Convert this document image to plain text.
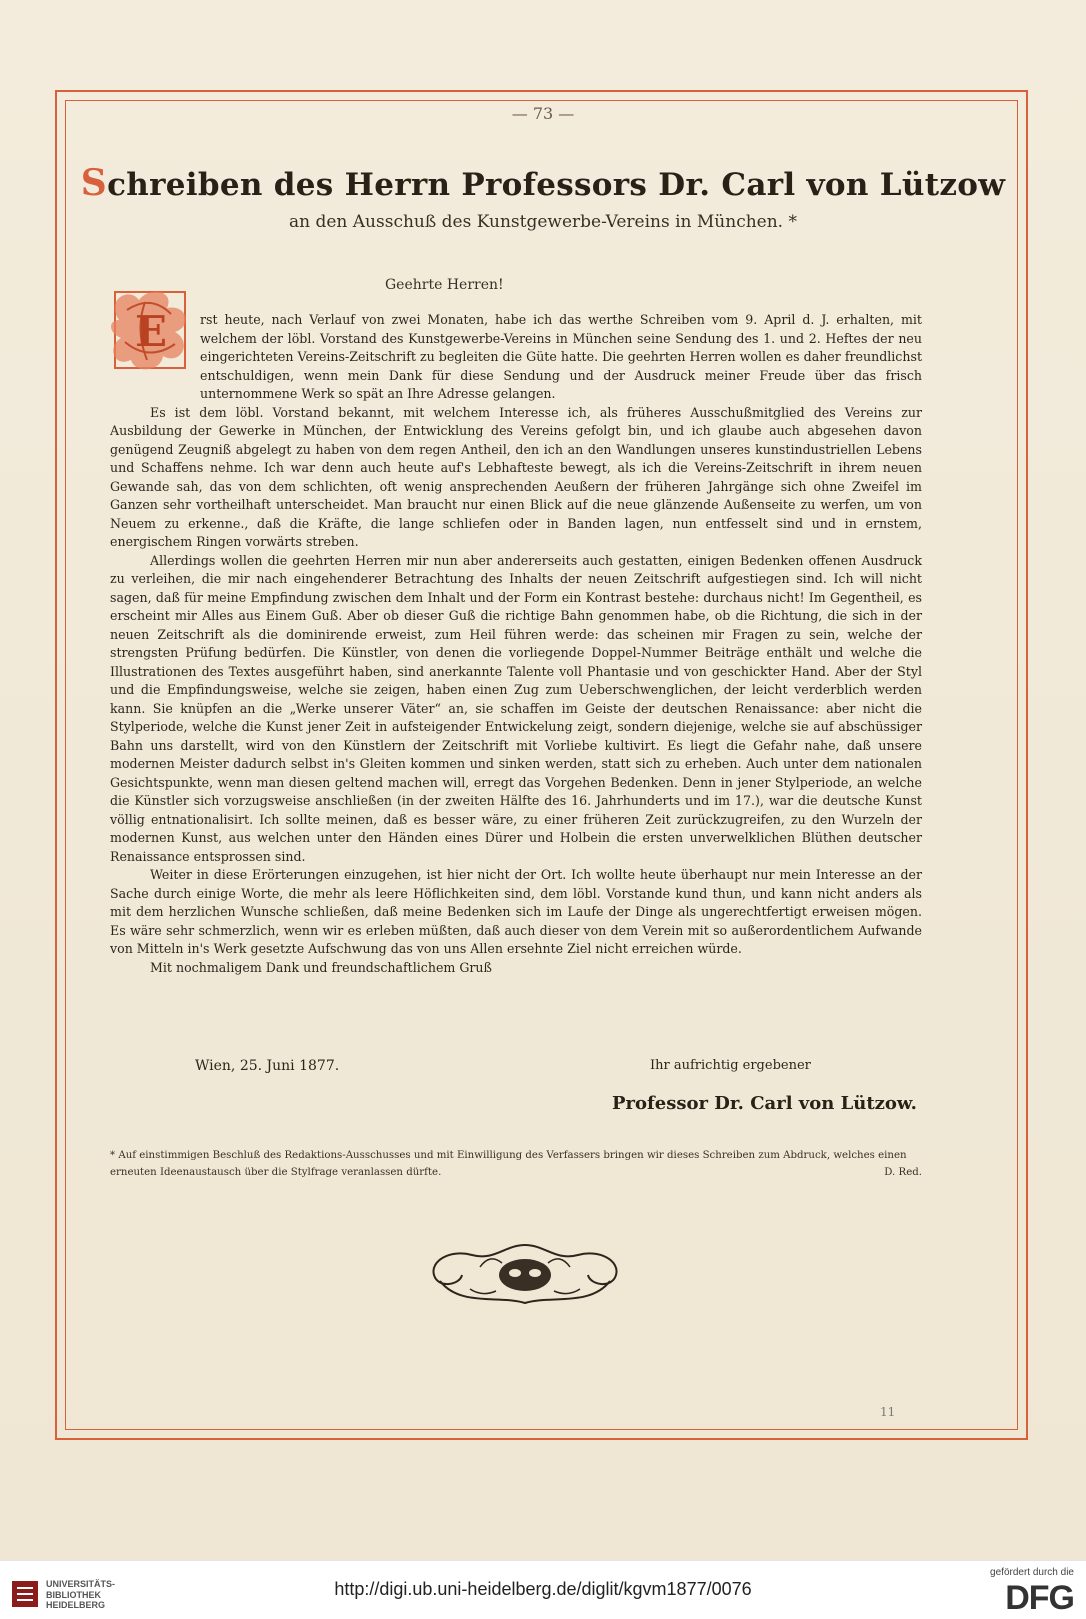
— 73 —
Schreiben des Herrn Professors Dr. Carl von Lützow
an den Ausschuß des Kunstgewerbe-Vereins in München. *
Geehrte Herren!
E	rst heute, nach Verlauf von zwei Monaten, habe ich das werthe Schreiben vom 9. April d. J. erhalten, mit welchem der löbl. Vorstand des Kunstgewerbe-Vereins in München seine Sendung des 1. und 2. Heftes der neu eingerichteten Vereins-Zeitschrift zu begleiten die Güte hatte. Die geehrten Herren wollen es daher freundlichst entschuldigen, wenn mein Dank für diese Sendung und der Ausdruck meiner Freude über das frisch unternommene Werk so spät an Ihre Adresse gelangen.

Es ist dem löbl. Vorstand bekannt, mit welchem Interesse ich, als früheres Ausschußmitglied des Vereins zur Ausbildung der Gewerke in München, der Entwicklung des Vereins gefolgt bin, und ich glaube auch abgesehen davon genügend Zeugniß abgelegt zu haben von dem regen Antheil, den ich an den Wandlungen unseres kunstindustriellen Lebens und Schaffens nehme. Ich war denn auch heute auf's Lebhafteste bewegt, als ich die Vereins-Zeitschrift in ihrem neuen Gewande sah, das von dem schlichten, oft wenig ansprechenden Aeußern der früheren Jahrgänge sich ohne Zweifel im Ganzen sehr vortheilhaft unterscheidet. Man braucht nur einen Blick auf die neue glänzende Außenseite zu werfen, um von Neuem zu erkenne., daß die Kräfte, die lange schliefen oder in Banden lagen, nun entfesselt sind und in ernstem, energischem Ringen vorwärts streben.

Allerdings wollen die geehrten Herren mir nun aber andererseits auch gestatten, einigen Bedenken offenen Ausdruck zu verleihen, die mir nach eingehenderer Betrachtung des Inhalts der neuen Zeitschrift aufgestiegen sind. Ich will nicht sagen, daß für meine Empfindung zwischen dem Inhalt und der Form ein Kontrast bestehe: durchaus nicht! Im Gegentheil, es erscheint mir Alles aus Einem Guß. Aber ob dieser Guß die richtige Bahn genommen habe, ob die Richtung, die sich in der neuen Zeitschrift als die dominirende erweist, zum Heil führen werde: das scheinen mir Fragen zu sein, welche der strengsten Prüfung bedürfen. Die Künstler, von denen die vorliegende Doppel-Nummer Beiträge enthält und welche die Illustrationen des Textes ausgeführt haben, sind anerkannte Talente voll Phantasie und von geschickter Hand. Aber der Styl und die Empfindungsweise, welche sie zeigen, haben einen Zug zum Ueberschwenglichen, der leicht verderblich werden kann. Sie knüpfen an die „Werke unserer Väter“ an, sie schaffen im Geiste der deutschen Renaissance: aber nicht die Stylperiode, welche die Kunst jener Zeit in aufsteigender Entwickelung zeigt, sondern diejenige, welche sie auf abschüssiger Bahn uns darstellt, wird von den Künstlern der Zeitschrift mit Vorliebe kultivirt. Es liegt die Gefahr nahe, daß unsere modernen Meister dadurch selbst in's Gleiten kommen und sinken werden, statt sich zu erheben. Auch unter dem nationalen Gesichtspunkte, wenn man diesen geltend machen will, erregt das Vorgehen Bedenken. Denn in jener Stylperiode, an welche die Künstler sich vorzugsweise anschließen (in der zweiten Hälfte des 16. Jahrhunderts und im 17.), war die deutsche Kunst völlig entnationalisirt. Ich sollte meinen, daß es besser wäre, zu einer früheren Zeit zurückzugreifen, zu den Wurzeln der modernen Kunst, aus welchen unter den Händen eines Dürer und Holbein die ersten unverwelklichen Blüthen deutscher Renaissance entsprossen sind.

Weiter in diese Erörterungen einzugehen, ist hier nicht der Ort. Ich wollte heute überhaupt nur mein Interesse an der Sache durch einige Worte, die mehr als leere Höflichkeiten sind, dem löbl. Vorstande kund thun, und kann nicht anders als mit dem herzlichen Wunsche schließen, daß meine Bedenken sich im Laufe der Dinge als ungerechtfertigt erweisen mögen. Es wäre sehr schmerzlich, wenn wir es erleben müßten, daß auch dieser von dem Verein mit so außerordentlichem Aufwande von Mitteln in's Werk gesetzte Aufschwung das von uns Allen ersehnte Ziel nicht erreichen würde.

Mit nochmaligem Dank und freundschaftlichem Gruß

Wien, 25. Juni 1877.	Ihr aufrichtig ergebener
Professor Dr. Carl von Lützow.
* Auf einstimmigen Beschluß des Redaktions-Ausschusses und mit Einwilligung des Verfassers bringen wir dieses Schreiben zum Abdruck, welches einen erneuten Ideenaustausch über die Stylfrage veranlassen dürfte.	D. Red.
11
UNIVERSITÄTS-
BIBLIOTHEK
HEIDELBERG
http://digi.ub.uni-heidelberg.de/diglit/kgvm1877/0076
gefördert durch die
DFG
